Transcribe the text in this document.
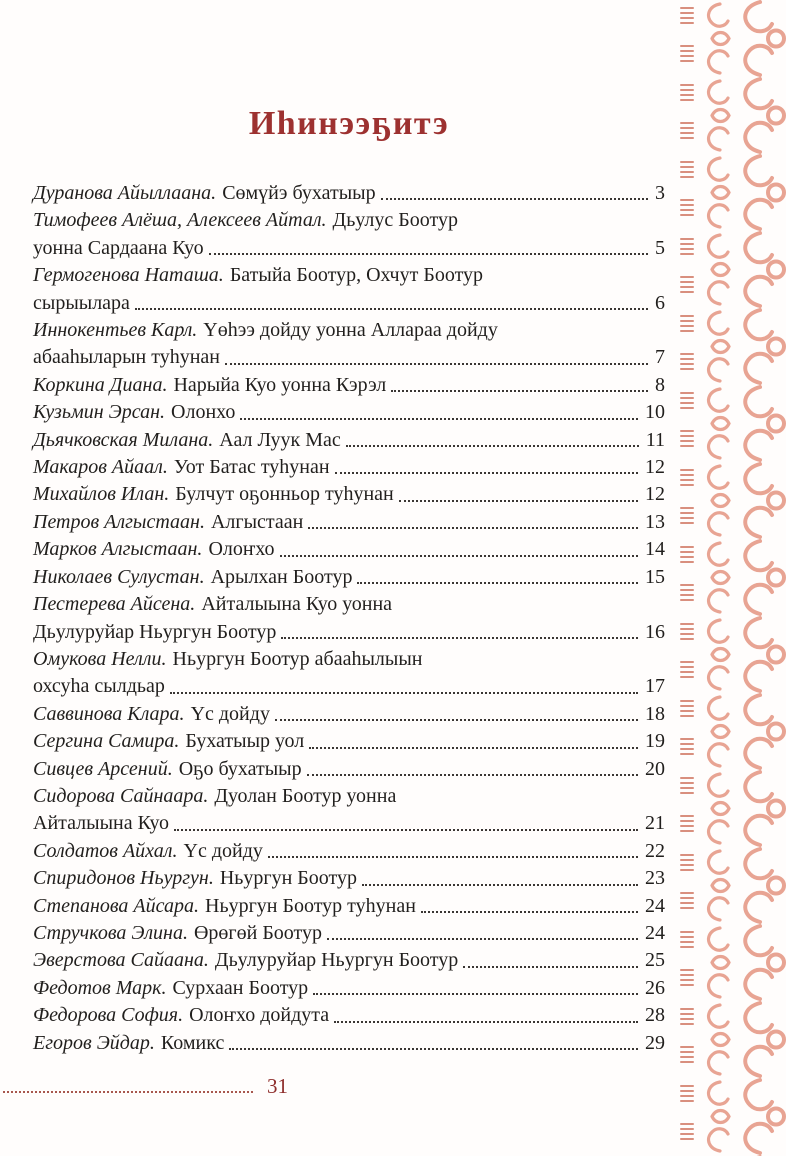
Иһинээҕитэ
Дуранова Айыллаана. Сөмүйэ бухатыыр	3
Тимофеев Алёша, Алексеев Айтал. Дьулус Боотур
уонна Сардаана Куо	5
Гермогенова Наташа. Батыйа Боотур, Охчут Боотур
сырыылара	6
Иннокентьев Карл. Үөһээ дойду уонна Аллараа дойду
абааһыларын туһунан	7
Коркина Диана. Нарыйа Куо уонна Кэрэл	8
Кузьмин Эрсан. Олонхо	10
Дьячковская Милана. Аал Луук Мас	11
Макаров Айаал. Уот Батас туһунан	12
Михайлов Илан. Булчут оҕонньор туһунан	12
Петров Алгыстаан. Алгыстаан	13
Марков Алгыстаан. Олоҥхо	14
Николаев Сулустан. Арылхан Боотур	15
Пестерева Айсена. Айталыына Куо уонна
Дьулуруйар Ньургун Боотур	16
Омукова Нелли. Ньургун Боотур абааһылыын
охсуһа сылдьар	17
Саввинова Клара. Үс дойду	18
Сергина Самира. Бухатыыр уол	19
Сивцев Арсений. Оҕо бухатыыр	20
Сидорова Сайнаара. Дуолан Боотур уонна
Айталыына Куо	21
Солдатов Айхал. Үс дойду	22
Спиридонов Ньургун. Ньургун Боотур	23
Степанова Айсара. Ньургун Боотур туһунан	24
Стручкова Элина. Өрөгөй Боотур	24
Эверстова Сайаана. Дьулуруйар Ньургун Боотур	25
Федотов Марк. Сурхаан Боотур	26
Федорова София. Олоҥхо дойдута	28
Егоров Эйдар. Комикс	29
31
